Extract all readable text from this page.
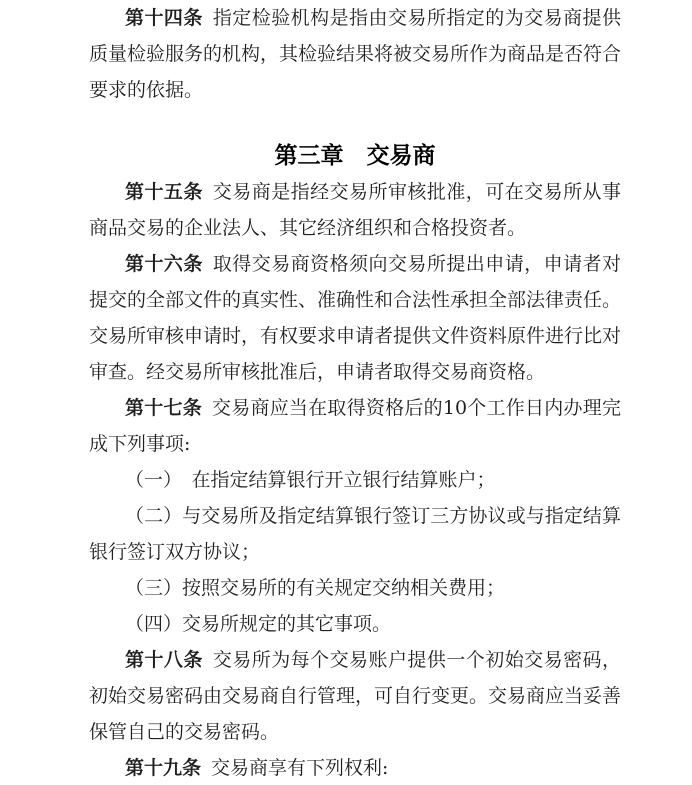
第十四条 指定检验机构是指由交易所指定的为交易商提供质量检验服务的机构，其检验结果将被交易所作为商品是否符合要求的依据。

第三章 交易商

第十五条 交易商是指经交易所审核批准，可在交易所从事商品交易的企业法人、其它经济组织和合格投资者。

第十六条 取得交易商资格须向交易所提出申请，申请者对提交的全部文件的真实性、准确性和合法性承担全部法律责任。交易所审核申请时，有权要求申请者提供文件资料原件进行比对审查。经交易所审核批准后，申请者取得交易商资格。

第十七条 交易商应当在取得资格后的10个工作日内办理完成下列事项:

（一）　在指定结算银行开立银行结算账户；

（二）与交易所及指定结算银行签订三方协议或与指定结算银行签订双方协议；

（三）按照交易所的有关规定交纳相关费用；

（四）交易所规定的其它事项。

第十八条 交易所为每个交易账户提供一个初始交易密码，初始交易密码由交易商自行管理，可自行变更。交易商应当妥善保管自己的交易密码。

第十九条 交易商享有下列权利:
